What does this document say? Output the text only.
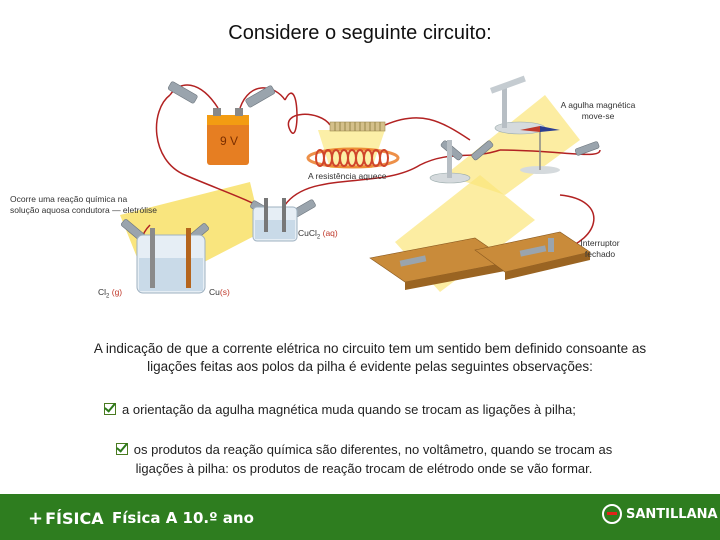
Considere o seguinte circuito:
9 V
A agulha magnética
move-se
A resistência aquece
Ocorre uma reação química na
solução aquosa condutora — eletrólise
CuCl$_2$ (aq)
Interruptor
fechado
$Cl_2$ (g)	Cu(s)
A indicação de que a corrente elétrica no circuito tem um sentido bem definido consoante as ligações feitas aos polos da pilha é evidente pelas seguintes observações:
a orientação da agulha magnética muda quando se trocam as ligações à pilha;
os produtos da reação química são diferentes, no voltâmetro, quando se trocam as ligações à pilha: os produtos de reação trocam de elétrodo onde se vão formar.
+ FÍSICA Física A 10.º ano	SANTILLANA
